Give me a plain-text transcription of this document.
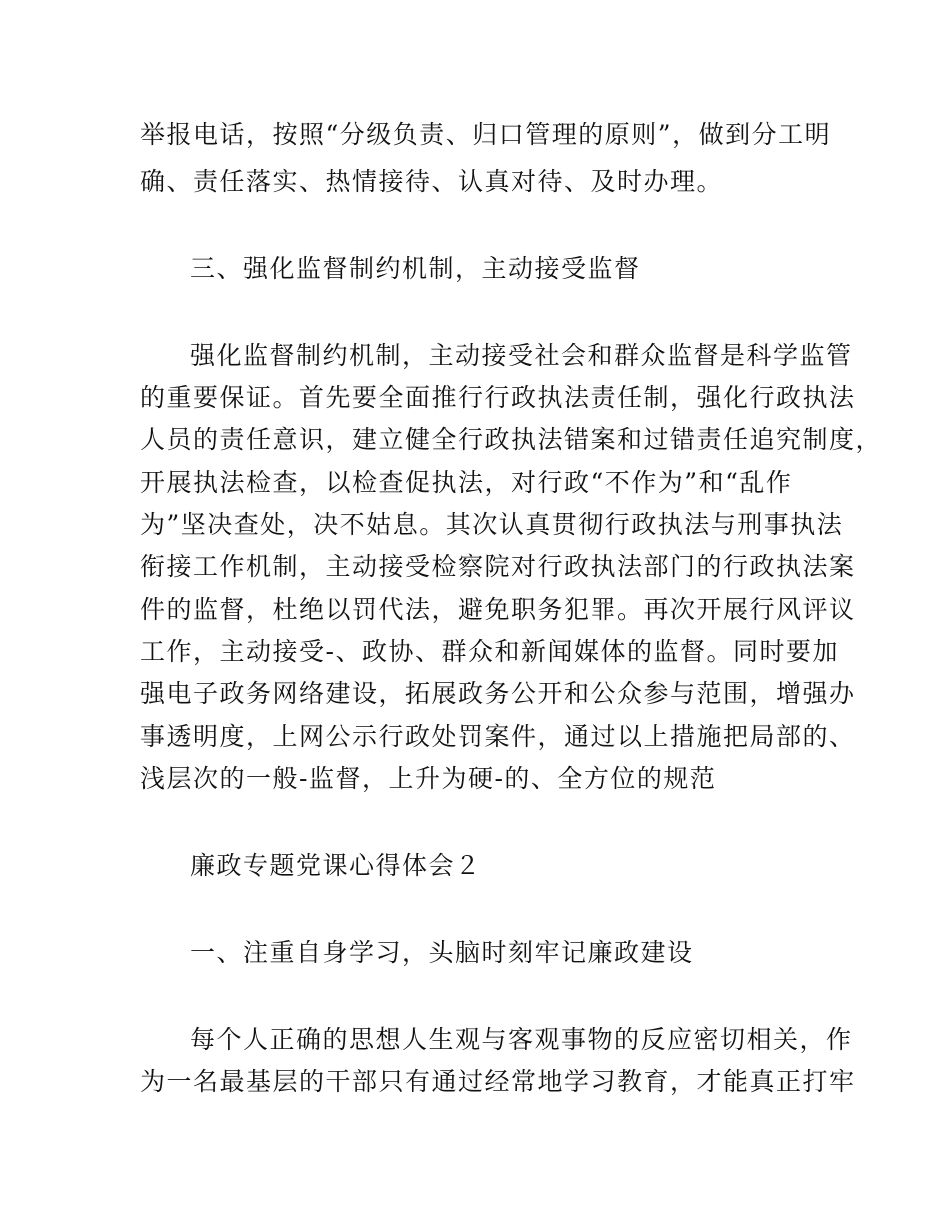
举报电话，按照“分级负责、归口管理的原则”，做到分工明
确、责任落实、热情接待、认真对待、及时办理。
三、强化监督制约机制，主动接受监督
强化监督制约机制，主动接受社会和群众监督是科学监管
的重要保证。首先要全面推行行政执法责任制，强化行政执法
人员的责任意识，建立健全行政执法错案和过错责任追究制度，
开展执法检查，以检查促执法，对行政“不作为”和“乱作
为”坚决查处，决不姑息。其次认真贯彻行政执法与刑事执法
衔接工作机制，主动接受检察院对行政执法部门的行政执法案
件的监督，杜绝以罚代法，避免职务犯罪。再次开展行风评议
工作，主动接受-、政协、群众和新闻媒体的监督。同时要加
强电子政务网络建设，拓展政务公开和公众参与范围，增强办
事透明度，上网公示行政处罚案件，通过以上措施把局部的、
浅层次的一般-监督，上升为硬-的、全方位的规范
廉政专题党课心得体会２
一、注重自身学习，头脑时刻牢记廉政建设
每个人正确的思想人生观与客观事物的反应密切相关，作
为一名最基层的干部只有通过经常地学习教育，才能真正打牢
